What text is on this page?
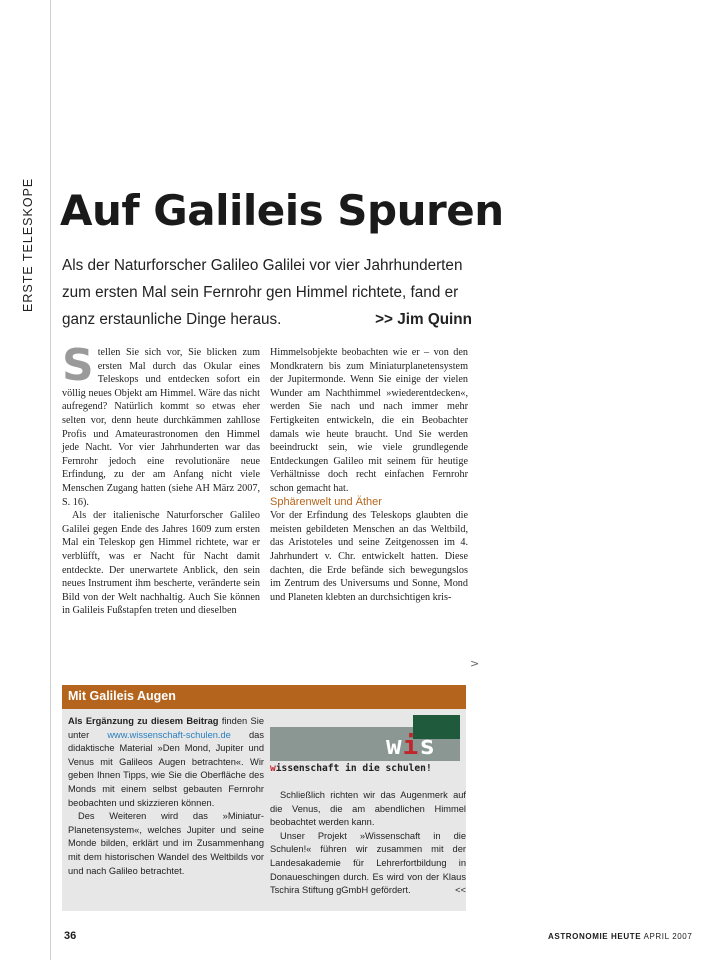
ERSTE TELESKOPE Auf Galileis Spuren
Als der Naturforscher Galileo Galilei vor vier Jahrhunderten zum ersten Mal sein Fernrohr gen Himmel richtete, fand er ganz erstaunliche Dinge heraus.	>> Jim Quinn

Stellen Sie sich vor, Sie blicken zum ersten Mal durch das Okular eines Teleskops und entdecken sofort ein völlig neues Objekt am Himmel. Wäre das nicht aufregend? Natürlich kommt so etwas eher selten vor, denn heute durchkämmen zahllose Profis und Amateurastronomen den Himmel jede Nacht. Vor vier Jahrhunderten war das Fernrohr jedoch eine revolutionäre neue Erfindung, zu der am Anfang nicht viele Menschen Zugang hatten (siehe AH März 2007, S. 16).

Als der italienische Naturforscher Galileo Galilei gegen Ende des Jahres 1609 zum ersten Mal ein Teleskop gen Himmel richtete, war er verblüfft, was er Nacht für Nacht damit entdeckte. Der unerwartete Anblick, den sein neues Instrument ihm bescherte, veränderte sein Bild von der Welt nachhaltig. Auch Sie können in Galileis Fußstapfen treten und dieselben

Himmelsobjekte beobachten wie er – von den Mondkratern bis zum Miniaturplanetensystem der Jupitermonde. Wenn Sie einige der vielen Wunder am Nachthimmel »wiederentdecken«, werden Sie nach und nach immer mehr Fertigkeiten entwickeln, die ein Beobachter damals wie heute braucht. Und Sie werden beeindruckt sein, wie viele grundlegende Entdeckungen Galileo mit seinem für heutige Verhältnisse doch recht einfachen Fernrohr schon gemacht hat.

Sphärenwelt und Äther

Vor der Erfindung des Teleskops glaubten die meisten gebildeten Menschen an das Weltbild, das Aristoteles und seine Zeitgenossen im 4. Jahrhundert v. Chr. entwickelt hatten. Diese dachten, die Erde befände sich bewegungslos im Zentrum des Universums und Sonne, Mond und Planeten klebten an durchsichtigen kris-

>
Mit Galileis Augen

Als Ergänzung zu diesem Beitrag finden Sie unter www.wissenschaft-schulen.de das didaktische Material »Den Mond, Jupiter und Venus mit Galileos Augen betrachten«. Wir geben Ihnen Tipps, wie Sie die Oberfläche des Monds mit einem selbst gebauten Fernrohr beobachten und skizzieren können.

Des Weiteren wird das »Miniatur-Planetensystem«, welches Jupiter und seine Monde bilden, erklärt und im Zusammenhang mit dem historischen Wandel des Weltbilds vor und nach Galileo betrachtet.

wis
wissenschaft in die schulen!

Schließlich richten wir das Augenmerk auf die Venus, die am abendlichen Himmel beobachtet werden kann.

Unser Projekt »Wissenschaft in die Schulen!« führen wir zusammen mit der Landesakademie für Lehrerfortbildung in Donaueschingen durch. Es wird von der Klaus Tschira Stiftung gGmbH gefördert.	<<

36	ASTRONOMIE HEUTE APRIL 2007
